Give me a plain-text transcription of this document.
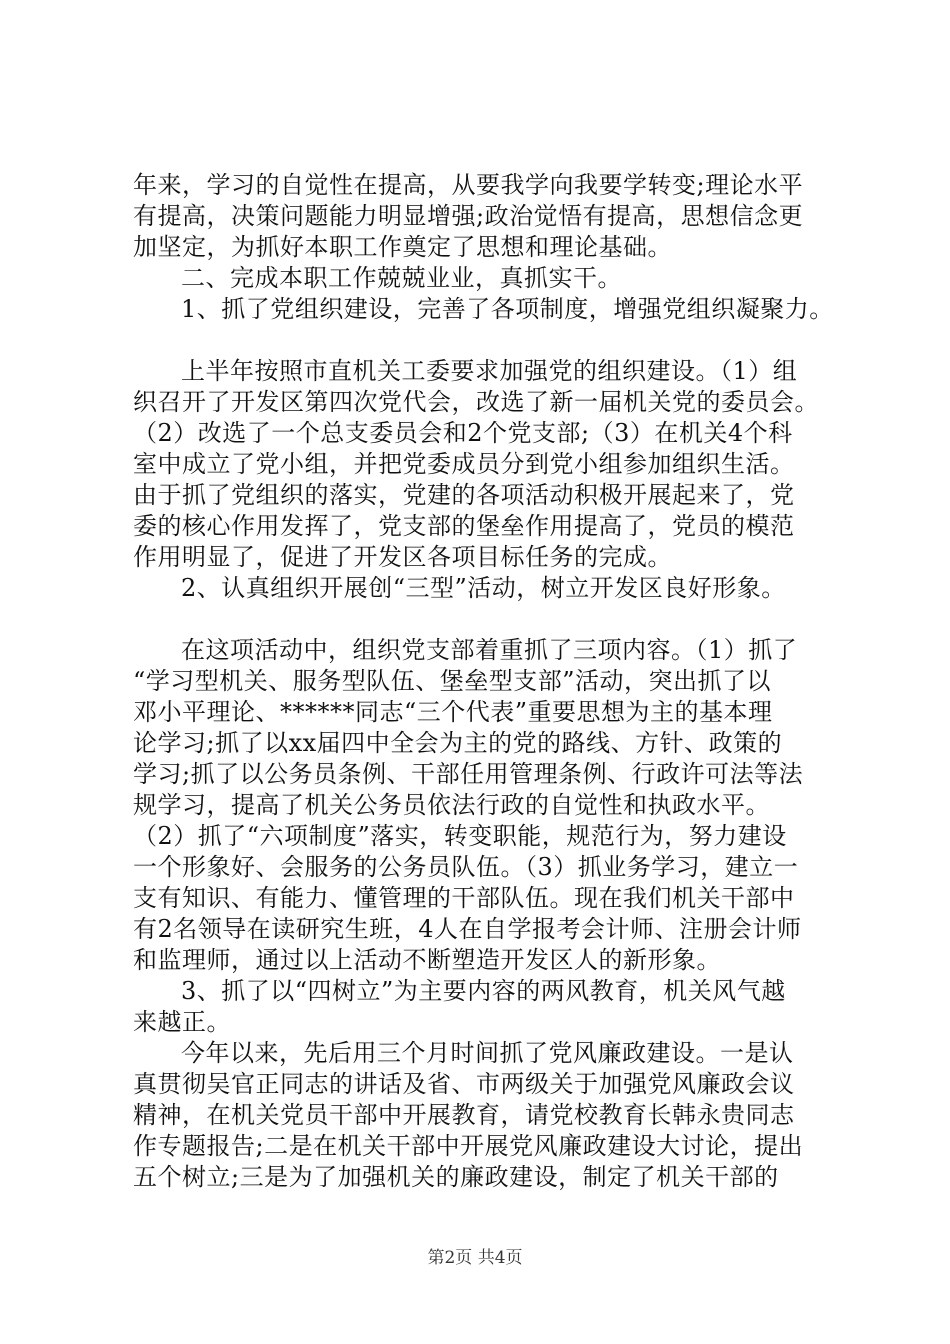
年来，学习的自觉性在提高，从要我学向我要学转变;理论水平
有提高，决策问题能力明显增强;政治觉悟有提高，思想信念更
加坚定，为抓好本职工作奠定了思想和理论基础。
二、完成本职工作兢兢业业，真抓实干。
1、抓了党组织建设，完善了各项制度，增强党组织凝聚力。
上半年按照市直机关工委要求加强党的组织建设。（1）组
织召开了开发区第四次党代会，改选了新一届机关党的委员会。
（2）改选了一个总支委员会和2个党支部;（3）在机关4个科
室中成立了党小组，并把党委成员分到党小组参加组织生活。
由于抓了党组织的落实，党建的各项活动积极开展起来了，党
委的核心作用发挥了，党支部的堡垒作用提高了，党员的模范
作用明显了，促进了开发区各项目标任务的完成。
2、认真组织开展创“三型”活动，树立开发区良好形象。
在这项活动中，组织党支部着重抓了三项内容。（1）抓了
“学习型机关、服务型队伍、堡垒型支部”活动，突出抓了以
邓小平理论、******同志“三个代表”重要思想为主的基本理
论学习;抓了以xx届四中全会为主的党的路线、方针、政策的
学习;抓了以公务员条例、干部任用管理条例、行政许可法等法
规学习，提高了机关公务员依法行政的自觉性和执政水平。
（2）抓了“六项制度”落实，转变职能，规范行为，努力建设
一个形象好、会服务的公务员队伍。（3）抓业务学习，建立一
支有知识、有能力、懂管理的干部队伍。现在我们机关干部中
有2名领导在读研究生班，4人在自学报考会计师、注册会计师
和监理师，通过以上活动不断塑造开发区人的新形象。
3、抓了以“四树立”为主要内容的两风教育，机关风气越
来越正。
今年以来，先后用三个月时间抓了党风廉政建设。一是认
真贯彻吴官正同志的讲话及省、市两级关于加强党风廉政会议
精神，在机关党员干部中开展教育，请党校教育长韩永贵同志
作专题报告;二是在机关干部中开展党风廉政建设大讨论，提出
五个树立;三是为了加强机关的廉政建设，制定了机关干部的
第2页 共4页
